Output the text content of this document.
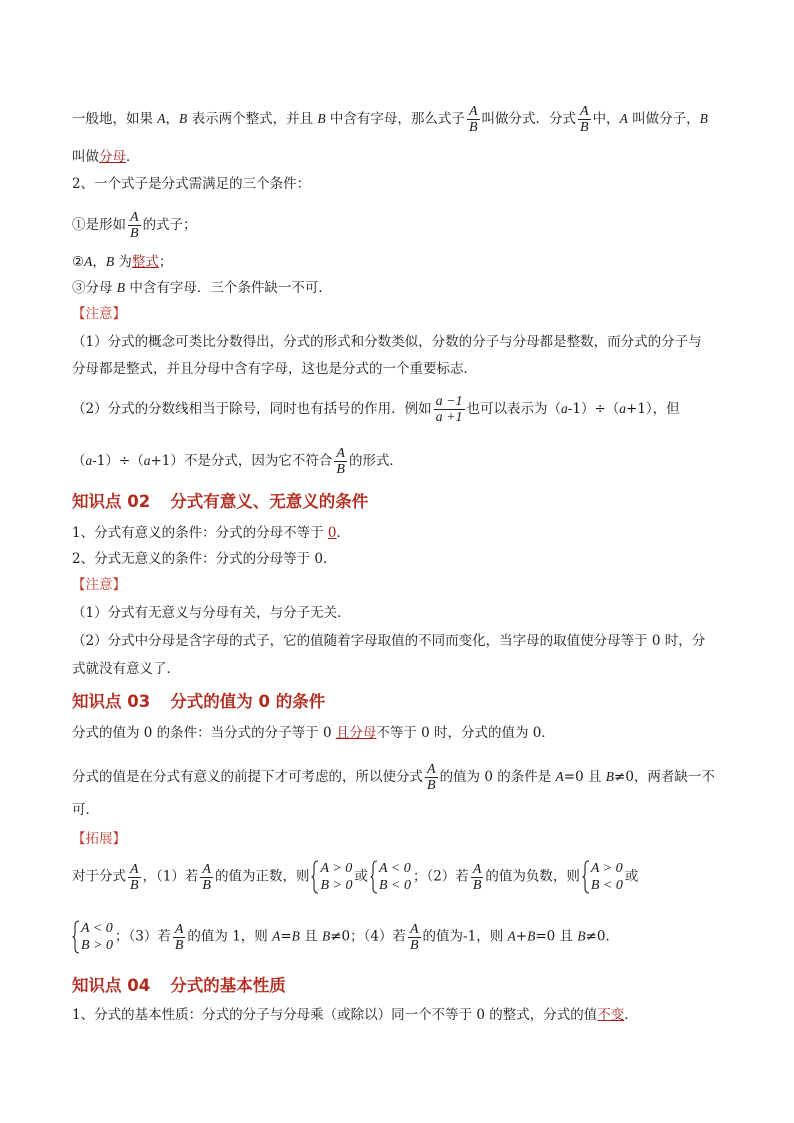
一般地，如果 A，B 表示两个整式，并且 B 中含有字母，那么式子 $\frac{A}{B}$ 叫做分式．分式 $\frac{A}{B}$ 中，A 叫做分子，B
叫做分母．
2、一个式子是分式需满足的三个条件：
①是形如 $\frac{A}{B}$ 的式子；
②A，B 为整式；
③分母 B 中含有字母．三个条件缺一不可．
【注意】
（1）分式的概念可类比分数得出，分式的形式和分数类似，分数的分子与分母都是整数，而分式的分子与
分母都是整式，并且分母中含有字母，这也是分式的一个重要标志．
（2）分式的分数线相当于除号，同时也有括号的作用．例如 $\frac{a -1}{a +1}$ 也可以表示为（a-1）÷（a+1），但
（a-1）÷（a+1）不是分式，因为它不符合 $\frac{A}{B}$ 的形式．
知识点 02 分式有意义、无意义的条件
1、分式有意义的条件：分式的分母不等于 0．
2、分式无意义的条件：分式的分母等于 0．
【注意】
（1）分式有无意义与分母有关，与分子无关．
（2）分式中分母是含字母的式子，它的值随着字母取值的不同而变化，当字母的取值使分母等于 0 时，分
式就没有意义了．
知识点 03 分式的值为 0 的条件
分式的值为 0 的条件：当分式的分子等于 0 且分母不等于 0 时，分式的值为 0．
分式的值是在分式有意义的前提下才可考虑的，所以使分式 $\frac{A}{B}$ 的值为 0 的条件是 A=0 且 B≠0，两者缺一不
可．
【拓展】
对于分式 $\frac{A}{B}$ ，（1）若 $\frac{A}{B}$ 的值为正数，则 A > 0
B > 0
或 A < 0
B < 0
；（2）若 $\frac{A}{B}$ 的值为负数，则 A > 0
B < 0
或
A < 0
B > 0
；（3）若 $\frac{A}{B}$ 的值为 1，则 A=B 且 B≠0；（4）若 $\frac{A}{B}$ 的值为-1，则 A+B=0 且 B≠0．
知识点 04 分式的基本性质
1、分式的基本性质：分式的分子与分母乘（或除以）同一个不等于 0 的整式，分式的值不变．
